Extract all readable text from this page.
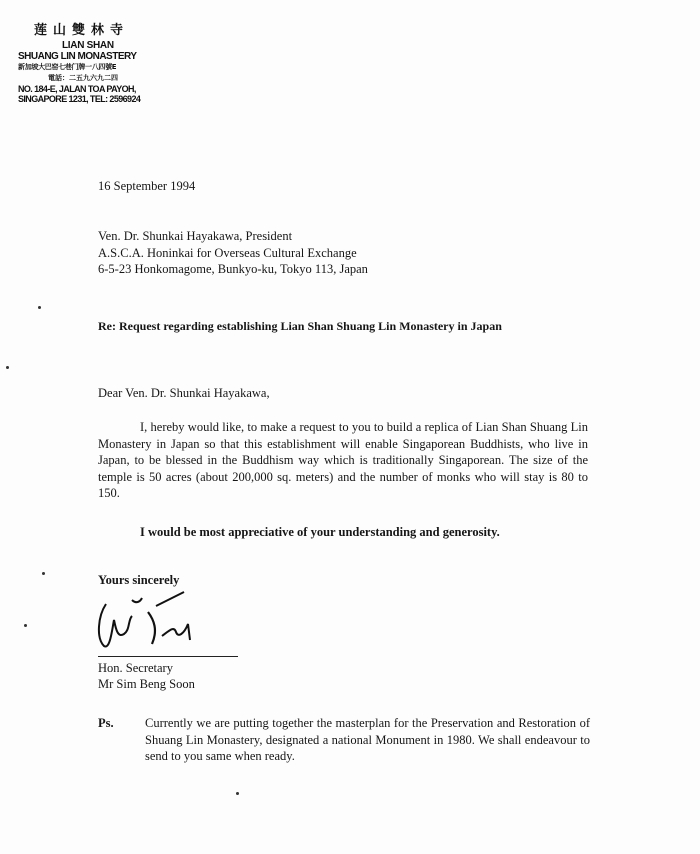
莲山雙林寺
LIAN SHAN
SHUANG LIN MONASTERY
新加坡大巴窑七巷门牌一八四號E
電話：二五九六九二四
NO. 184-E, JALAN TOA PAYOH,
SINGAPORE 1231, TEL: 2596924
16 September 1994
Ven. Dr. Shunkai Hayakawa, President
A.S.C.A. Honinkai for Overseas Cultural Exchange
6-5-23 Honkomagome, Bunkyo-ku, Tokyo 113, Japan
Re: Request regarding establishing Lian Shan Shuang Lin Monastery in Japan
Dear Ven. Dr. Shunkai Hayakawa,
I, hereby would like, to make a request to you to build a replica of Lian Shan Shuang Lin Monastery in Japan so that this establishment will enable Singaporean Buddhists, who live in Japan, to be blessed in the Buddhism way which is traditionally Singaporean. The size of the temple is 50 acres (about 200,000 sq. meters) and the number of monks who will stay is 80 to 150.
I would be most appreciative of your understanding and generosity.
Yours sincerely
Hon. Secretary
Mr Sim Beng Soon
Ps.	Currently we are putting together the masterplan for the Preservation and Restoration of Shuang Lin Monastery, designated a national Monument in 1980. We shall endeavour to send to you same when ready.
